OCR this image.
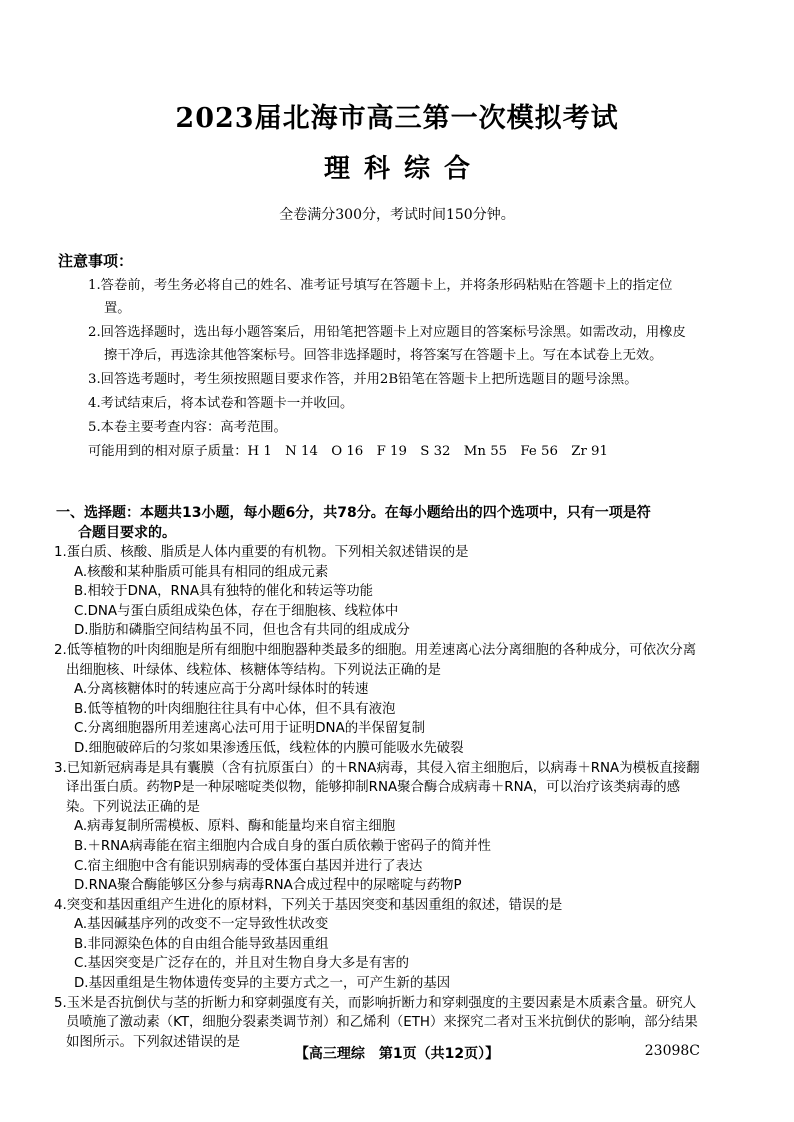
2023届北海市高三第一次模拟考试
理科综合
全卷满分300分，考试时间150分钟。
注意事项：

1.答卷前，考生务必将自己的姓名、准考证号填写在答题卡上，并将条形码粘贴在答题卡上的指定位置。

2.回答选择题时，选出每小题答案后，用铅笔把答题卡上对应题目的答案标号涂黑。如需改动，用橡皮擦干净后，再选涂其他答案标号。回答非选择题时，将答案写在答题卡上。写在本试卷上无效。

3.回答选考题时，考生须按照题目要求作答，并用2B铅笔在答题卡上把所选题目的题号涂黑。

4.考试结束后，将本试卷和答题卡一并收回。

5.本卷主要考查内容：高考范围。

可能用到的相对原子质量：H 1　N 14　O 16　F 19　S 32　Mn 55　Fe 56　Zr 91

一、选择题：本题共13小题，每小题6分，共78分。在每小题给出的四个选项中，只有一项是符
合题目要求的。
1.蛋白质、核酸、脂质是人体内重要的有机物。下列相关叙述错误的是
A.核酸和某种脂质可能具有相同的组成元素
B.相较于DNA，RNA具有独特的催化和转运等功能
C.DNA与蛋白质组成染色体，存在于细胞核、线粒体中
D.脂肪和磷脂空间结构虽不同，但也含有共同的组成成分
2.低等植物的叶肉细胞是所有细胞中细胞器种类最多的细胞。用差速离心法分离细胞的各种成分，可依次分离出细胞核、叶绿体、线粒体、核糖体等结构。下列说法正确的是
A.分离核糖体时的转速应高于分离叶绿体时的转速
B.低等植物的叶肉细胞往往具有中心体，但不具有液泡
C.分离细胞器所用差速离心法可用于证明DNA的半保留复制
D.细胞破碎后的匀浆如果渗透压低，线粒体的内膜可能吸水先破裂
3.已知新冠病毒是具有囊膜（含有抗原蛋白）的＋RNA病毒，其侵入宿主细胞后，以病毒＋RNA为模板直接翻译出蛋白质。药物P是一种尿嘧啶类似物，能够抑制RNA聚合酶合成病毒＋RNA，可以治疗该类病毒的感染。下列说法正确的是
A.病毒复制所需模板、原料、酶和能量均来自宿主细胞
B.＋RNA病毒能在宿主细胞内合成自身的蛋白质依赖于密码子的简并性
C.宿主细胞中含有能识别病毒的受体蛋白基因并进行了表达
D.RNA聚合酶能够区分参与病毒RNA合成过程中的尿嘧啶与药物P
4.突变和基因重组产生进化的原材料，下列关于基因突变和基因重组的叙述，错误的是
A.基因碱基序列的改变不一定导致性状改变
B.非同源染色体的自由组合能导致基因重组
C.基因突变是广泛存在的，并且对生物自身大多是有害的
D.基因重组是生物体遗传变异的主要方式之一，可产生新的基因
5.玉米是否抗倒伏与茎的折断力和穿刺强度有关，而影响折断力和穿刺强度的主要因素是木质素含量。研究人员喷施了激动素（KT，细胞分裂素类调节剂）和乙烯利（ETH）来探究二者对玉米抗倒伏的影响，部分结果如图所示。下列叙述错误的是
【高三理综　第1页（共12页）】	23098C
